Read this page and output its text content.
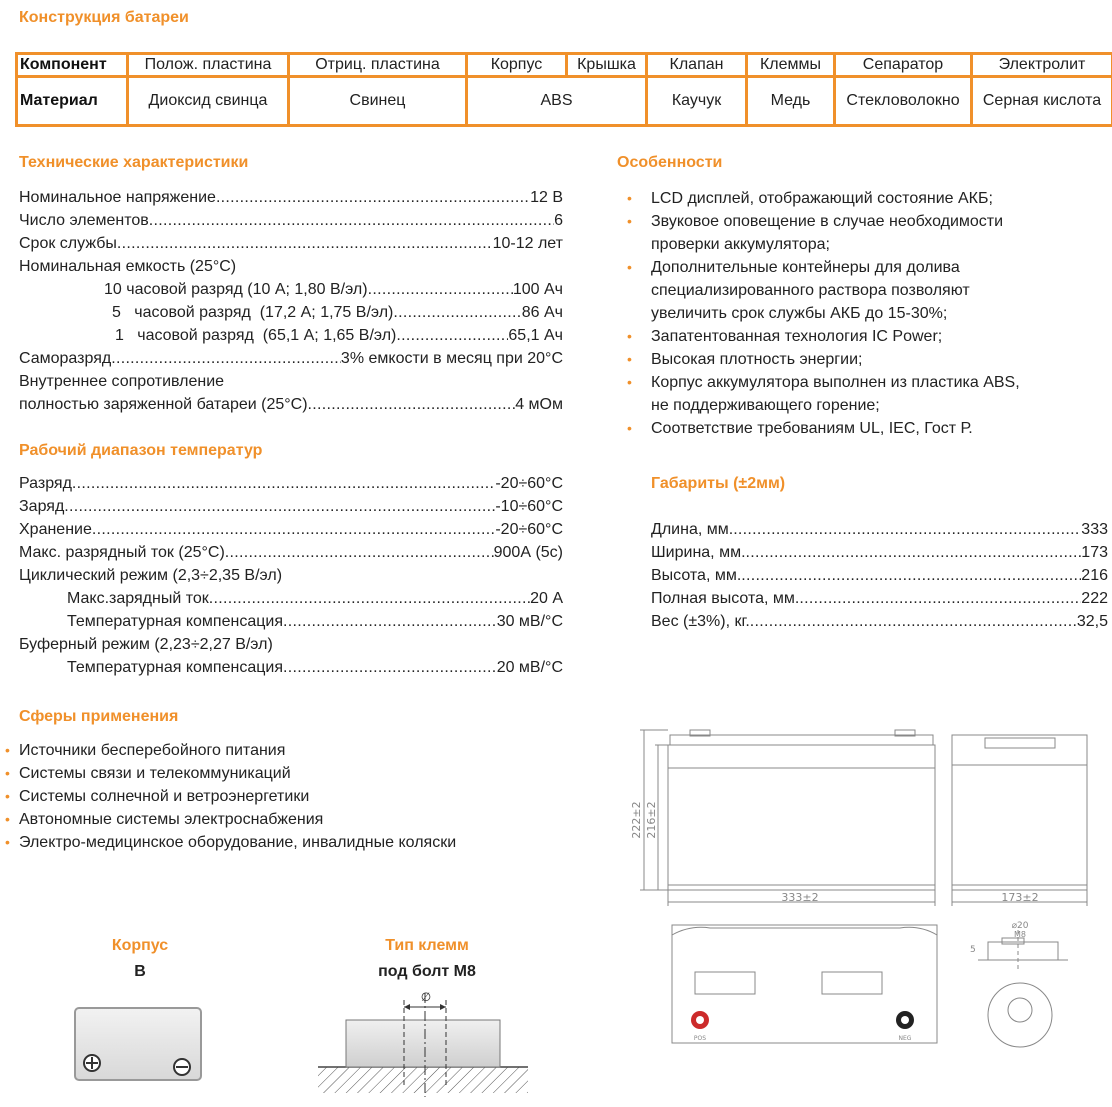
Конструкция батареи
Компонент	Полож. пластина	Отриц. пластина	Корпус	Крышка	Клапан	Клеммы	Сепаратор	Электролит
Материал	Диоксид свинца	Свинец	ABS		Каучук	Медь	Стекловолокно	Серная кислота
Технические характеристики
Номинальное напряжение .....	12 В
Число элементов .....	6
Срок службы .....	10-12 лет
Номинальная емкость (25°C)
10 часовой разряд (10 А; 1,80 В/эл) .....	100 Ач
5   часовой разряд  (17,2 А; 1,75 В/эл) .....	86 Ач
1   часовой разряд  (65,1 А; 1,65 В/эл) .....	65,1 Ач
Саморазряд .....	3% емкости в месяц при 20°C
Внутреннее сопротивление
полностью заряженной батареи (25°C) .....	4 мОм
Рабочий диапазон температур
Разряд .....	-20÷60°C
Заряд .....	-10÷60°C
Хранение .....	-20÷60°C
Макс. разрядный ток (25°C) .....	900А (5с)
Циклический режим (2,3÷2,35 В/эл)
Макс.зарядный ток .....	20 А
Температурная компенсация .....	30 мВ/°C
Буферный режим (2,23÷2,27 В/эл)
Температурная компенсация .....	20 мВ/°C
Сферы применения
• Источники бесперебойного питания
• Системы связи и телекоммуникаций
• Системы солнечной и ветроэнергетики
• Автономные системы электроснабжения
• Электро-медицинское оборудование, инвалидные коляски
Особенности
• LCD дисплей, отображающий состояние АКБ;
• Звуковое оповещение в случае необходимости
проверки аккумулятора;
• Дополнительные контейнеры для долива
специализированного раствора позволяют
увеличить срок службы АКБ до 15-30%;
• Запатентованная технология IC Power;
• Высокая плотность энергии;
• Корпус аккумулятора выполнен из пластика ABS,
не поддерживающего горение;
• Соответствие требованиям UL, IEC, Гост Р.
Габариты (±2мм)
Длина, мм. .....	333
Ширина, мм. .....	173
Высота, мм. .....	216
Полная высота, мм. .....	222
Вес (±3%), кг. .....	32,5
222±2 216±2
333±2	173±2
⌀20
M8
5
POS	NEG
Корпус
B
Тип клемм
под болт M8
∅
